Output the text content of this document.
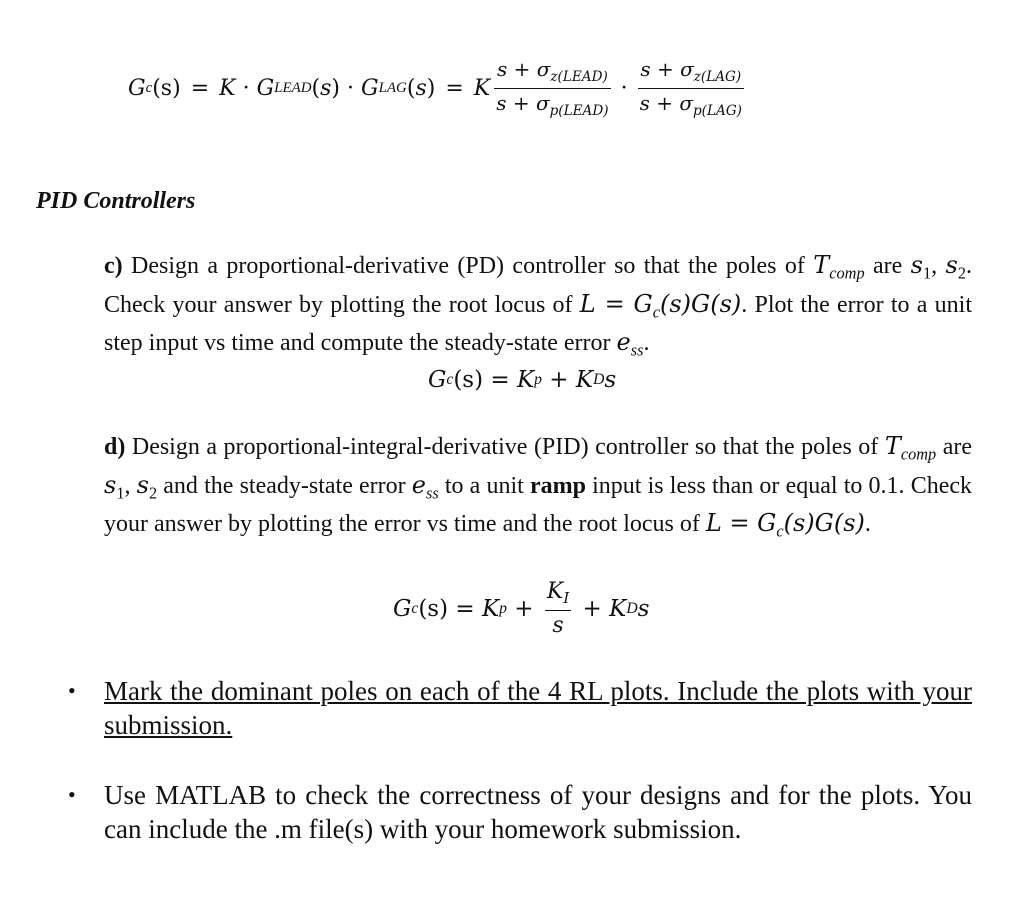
G c (s) = K · G LEAD (s) · G LAG (s) = K $\frac{s + \sigma_{z(LEAD)}}{s + \sigma_{p(LEAD)}} \cdot \frac{s + \sigma_{z(LAG)}}{s + \sigma_{p(LAG)}}$
PID Controllers
c) Design a proportional-derivative (PD) controller so that the poles of $T_{comp}$ are $s_1$, $s_2$. Check your answer by plotting the root locus of $L = G_c(s)G(s)$. Plot the error to a unit step input vs time and compute the steady-state error $e_{ss}$.
G c (s) = K p + K D s
d) Design a proportional-integral-derivative (PID) controller so that the poles of $T_{comp}$ are $s_1$, $s_2$ and the steady-state error $e_{ss}$ to a unit ramp input is less than or equal to 0.1. Check your answer by plotting the error vs time and the root locus of $L = G_c(s)G(s)$.
G c (s) = K $p + \frac{K_I}{s} + K$ D s
• Mark the dominant poles on each of the 4 RL plots. Include the plots with your submission.
• Use MATLAB to check the correctness of your designs and for the plots. You can include the .m file(s) with your homework submission.
